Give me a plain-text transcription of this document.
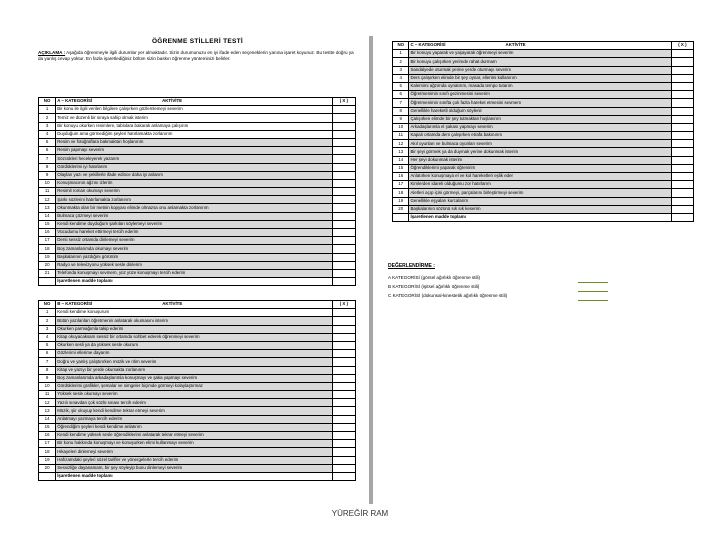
ÖĞRENME STİLLERİ TESTİ
AÇIKLAMA : Aşağıda öğrenmeyle ilgili durumlar yer almaktadır. Sizin durumunuzu en iyi ifade eden seçeneklerin yanına işaret koyunuz. Bu testte doğru ya da yanlış cevap yoktur. En fazla işaretlediğiniz bölüm sizin baskın öğrenme yönteminizi belirler.
NO	A – KATEGORİSİ AKTİVİTE	( X )
1	Bir konu ile ilgili verilen bilgilere çalışırken gözlemlemeyi severim	
2	Temiz ve düzenli bir sıraya sahip olmak isterim	
3	Bir konuyu okurken resimlere, tablolara bakarak anlamaya çalışırım	
4	Duyduğum ama görmediğim şeyleri hatırlamakta zorlanırım	
5	Resim ve fotoğraflara bakmaktan hoşlanırım	
6	Resim yapmayı severim	
7	Sözcükleri heceleyerek yazarım	
8	Gördüklerimi iyi hatırlarım	
9	Olayları yazı ve şekillerle ifade edince daha iyi anlarım	
10	Konuşmacının ağzını izlerim	
11	Resimli roman okumayı severim	
12	Şarkı sözlerini hatırlamakta zorlanırım	
13	Okunmakta olan bir metnin kopyası elimde olmazsa onu anlamakta zorlanırım	
14	Bulmaca çözmeyi severim	
15	Kendi kendime duyduğum şarkıları söylemeyi severim	
16	Vücudumu hareket ettirmeyi tercih ederim	
17	Dersi sessiz ortamda dinlemeyi severim	
18	Boş zamanlarımda okumayı severim	
19	Başkalarının yazdığını görürüm	
20	Radyo ve televizyonu yüksek sesle dinlerim	
21	Telefonda konuşmayı sevmem, yüz yüze konuşmayı tercih ederim	
	İşaretlenen madde toplamı	
NO	B – KATEGORİSİ AKTİVİTE	( X )
1	Kendi kendime konuşurum	
2	Bütün yazılanları öğretmenin anlatarak okumasını isterim	
3	Okurken parmağımla takip ederim	
4	Kitap okuyacaksam sessiz bir ortamda sohbet ederek öğrenmeyi severim	
5	Okurken sesli ya da yüksek sesle okurum	
6	Gözlerimi ellerime dayarım	
7	Doğru ve yanlış çalıştırırken müzik ve ritim severim	
8	Kitap ve yazıyı bir yerde okumakta zorlanırım	
9	Boş zamanlarımda arkadaşlarımla konuşmayı ve şaka yapmayı severim	
10	Gördüklerimi grafikler, şemalar ve simgeler biçimde görmeyi kolaylaştırmaz	
11	Yüksek sesle okumayı severim	
12	Yazılı sınavdan çok sözlü sınavı tercih ederim	
13	Müzik, şiir okuyup kendi kendime tekrar etmeyi severim	
14	Anlatmayı yazmaya tercih ederim	
15	Öğrendiğim şeyleri kendi kendime anlatırım	
16	Kendi kendime yüksek sesle öğrendiklerimi anlatarak tekrar etmeyi severim	
17	Bir konu hakkında konuşmayı ve konuşurken elimi kullanmayı severim	
18	Hikayeleri dinlemeyi severim	
19	Hafızamdaki şeyleri sözel tarifler ve yönergelerle tercih ederim	
20	Sessizliğe dayanamam, bir şey söyleyip bunu dinlemeyi severim	
	İşaretlenen madde toplamı	
NO	C – KATEGORİSİ AKTİVİTE	( X )
1	Bir konuyu yaparak ve yaşayarak öğrenmeyi severim	
2	Bir konuyu çalışırken yerimde rahat durmam	
3	Sandalyede oturmak yerine yerde oturmayı severim	
4	Ders çalışırken elimde bir şey oynar, ellerimi kullanırım	
5	Kalemimi ağzımda oynatırım, masada tempo tutarım	
6	Öğretmenimin sınıfı gezinmesini severim	
7	Öğretmenimin sınıfta çok fazla hareket etmesini sevmem	
8	Genellikle hareketli olduğum söylenir	
9	Çalışırken elimde bir şey tutmaktan hoşlanırım	
10	Arkadaşlarımla el şakası yapmayı severim	
11	Kapalı ortamda ders çalışırken etrafa bakınırım	
12	Akıl oyunları ve bulmaca oyunları severim	
13	Bir şeyi görmek ya da duymak yerine dokunmak isterim	
14	Her şeyi dokunmak isterim	
15	Öğrendiklerimi yaparak öğrenirim	
16	Anlatırken konuşmaya el ve kol hareketleri eşlik eder	
17	Kimlerden idareli olduğumu zor hatırlarım	
18	Aletleri açıp içini görmeyi, parçalarını birleştirmeyi severim	
19	Genellikle eşyaları kurcalarım	
20	Başkalarının sözünü sık sık keserim	
	İşaretlenen madde toplamı	
DEĞERLENDİRME :
A KATEGORİSİ (görsel ağırlıklı öğrenme stili)
B KATEGORİSİ (işitsel ağırlıklı öğrenme stili)
C KATEGORİSİ (dokunsal-kinestetik ağırlıklı öğrenme stili)
YÜREĞİR RAM
